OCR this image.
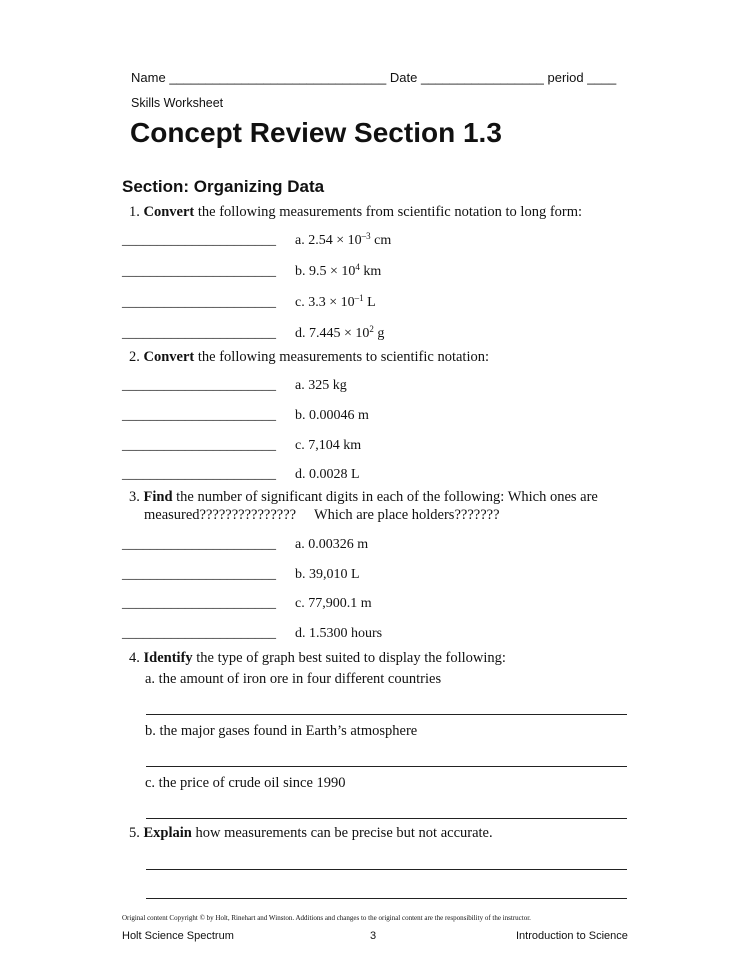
Name ______________________________ Date _________________ period ____
Skills Worksheet
Concept Review Section 1.3
Section: Organizing Data
1. Convert the following measurements from scientific notation to long form:
______________________ a. $2.54 \times 10^{-3}$ cm
______________________ b. $9.5 \times 10^4$ km
______________________ c. $3.3 \times 10^{-1}$ L
______________________ d. $7.445 \times 10^2$ g
2. Convert the following measurements to scientific notation:
______________________ a. 325 kg
______________________ b. 0.00046 m
______________________ c. 7,104 km
______________________ d. 0.0028 L
3. Find the number of significant digits in each of the following: Which ones are
measured???????????????     Which are place holders???????
______________________ a. 0.00326 m
______________________ b. 39,010 L
______________________ c. 77,900.1 m
______________________ d. 1.5300 hours
4. Identify the type of graph best suited to display the following:
a. the amount of iron ore in four different countries
b. the major gases found in Earth’s atmosphere
c. the price of crude oil since 1990
5. Explain how measurements can be precise but not accurate.
Original content Copyright © by Holt, Rinehart and Winston. Additions and changes to the original content are the responsibility of the instructor.
Holt Science Spectrum	3	Introduction to Science
